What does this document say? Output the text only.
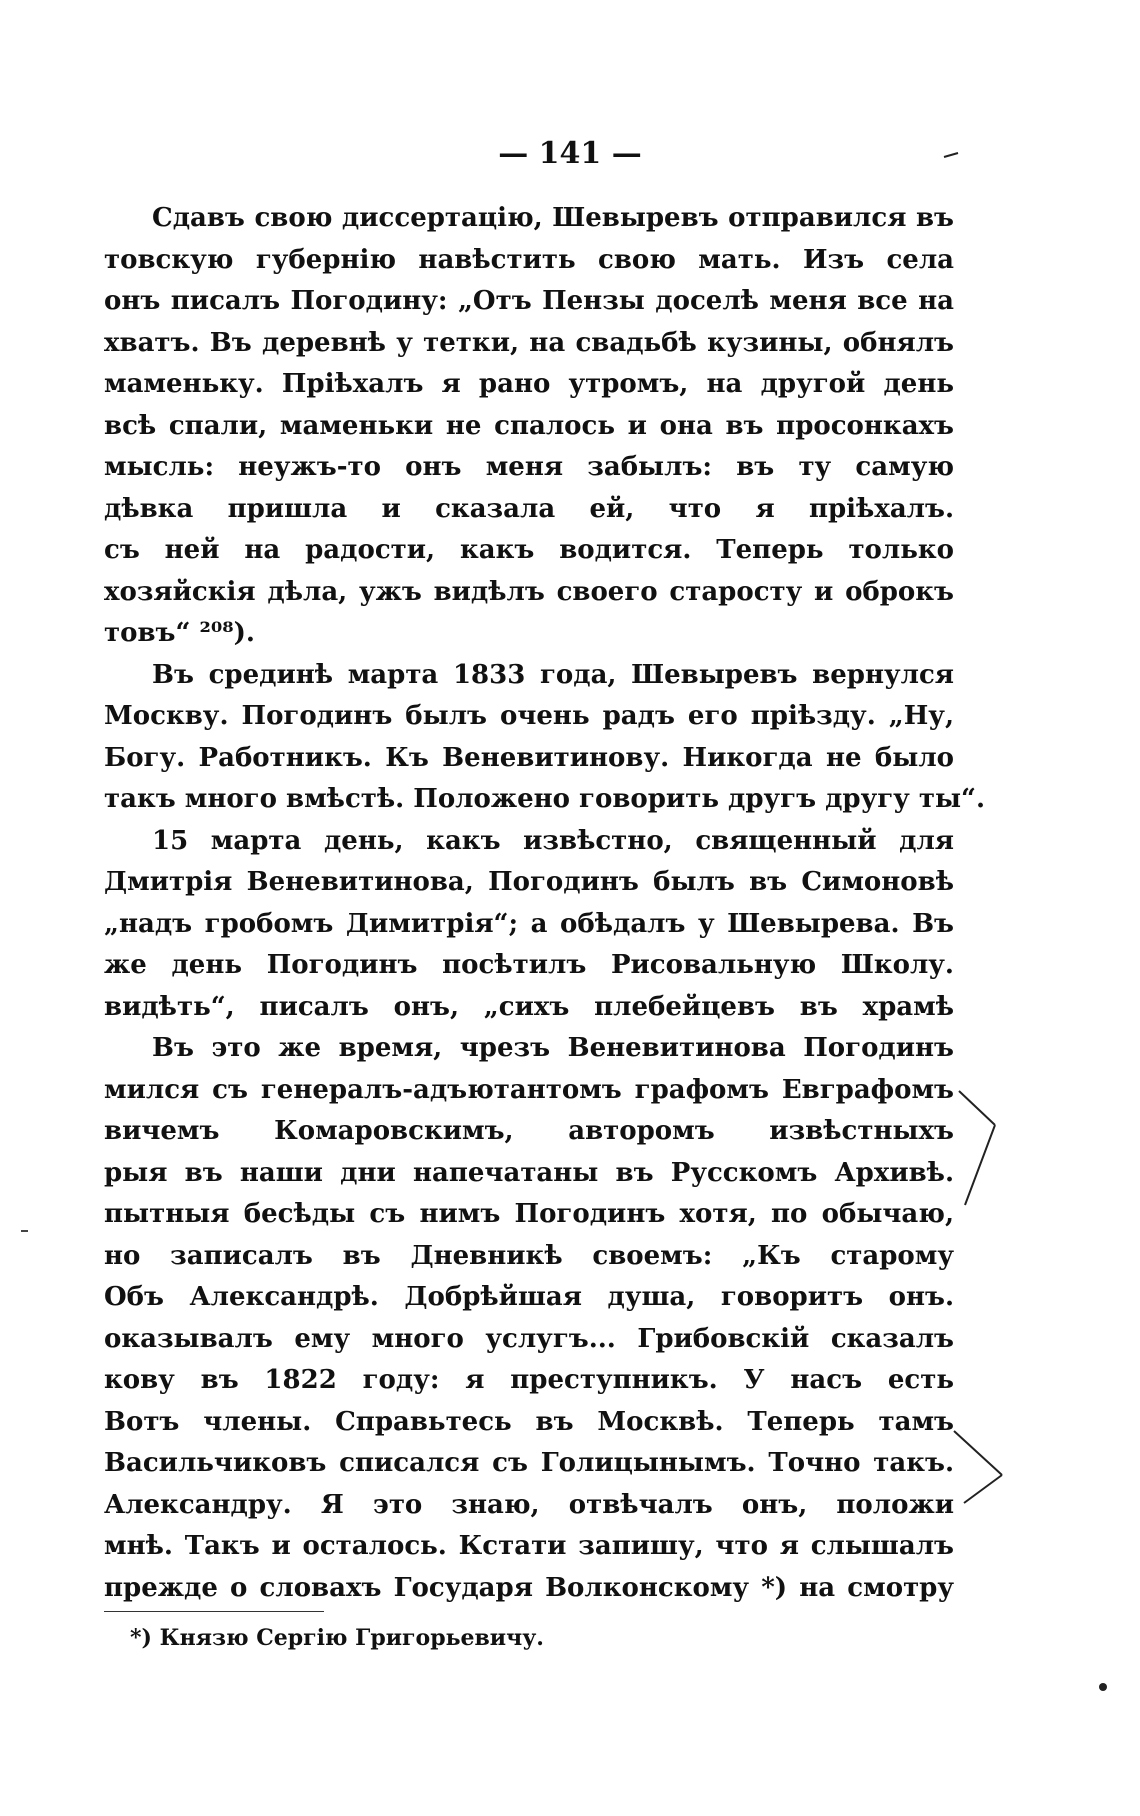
— 141 —
Сдавъ свою диссертацію, Шевыревъ отправился въ
товскую губернію навѣстить свою мать. Изъ села
онъ писалъ Погодину: „Отъ Пензы доселѣ меня все на
хватъ. Въ деревнѣ у тетки, на свадьбѣ кузины, обнялъ
маменьку. Пріѣхалъ я рано утромъ, на другой день
всѣ спали, маменьки не спалось и она въ просонкахъ
мысль: неужъ-то онъ меня забылъ: въ ту самую
дѣвка пришла и сказала ей, что я пріѣхалъ.
съ ней на радости, какъ водится. Теперь только
хозяйскія дѣла, ужъ видѣлъ своего старосту и оброкъ
товъ“ ²⁰⁸).
Въ срединѣ марта 1833 года, Шевыревъ вернулся
Москву. Погодинъ былъ очень радъ его пріѣзду. „Ну,
Богу. Работникъ. Къ Веневитинову. Никогда не было
такъ много вмѣстѣ. Положено говорить другъ другу ты“.
15 марта день, какъ извѣстно, священный для
Дмитрія Веневитинова, Погодинъ былъ въ Симоновѣ
„надъ гробомъ Димитрія“; а обѣдалъ у Шевырева. Въ
же день Погодинъ посѣтилъ Рисовальную Школу.
видѣть“, писалъ онъ, „сихъ плебейцевъ въ храмѣ
Въ это же время, чрезъ Веневитинова Погодинъ
мился съ генералъ-адъютантомъ графомъ Евграфомъ
вичемъ Комаровскимъ, авторомъ извѣстныхъ
рыя въ наши дни напечатаны въ Русскомъ Архивѣ.
пытныя бесѣды съ нимъ Погодинъ хотя, по обычаю,
но записалъ въ Дневникѣ своемъ: „Къ старому
Объ Александрѣ. Добрѣйшая душа, говоритъ онъ.
оказывалъ ему много услугъ... Грибовскій сказалъ
кову въ 1822 году: я преступникъ. У насъ есть
Вотъ члены. Справьтесь въ Москвѣ. Теперь тамъ
Васильчиковъ списался съ Голицынымъ. Точно такъ.
Александру. Я это знаю, отвѣчалъ онъ, положи
мнѣ. Такъ и осталось. Кстати запишу, что я слышалъ
прежде о словахъ Государя Волконскому *) на смотру
*) Князю Сергію Григорьевичу.
